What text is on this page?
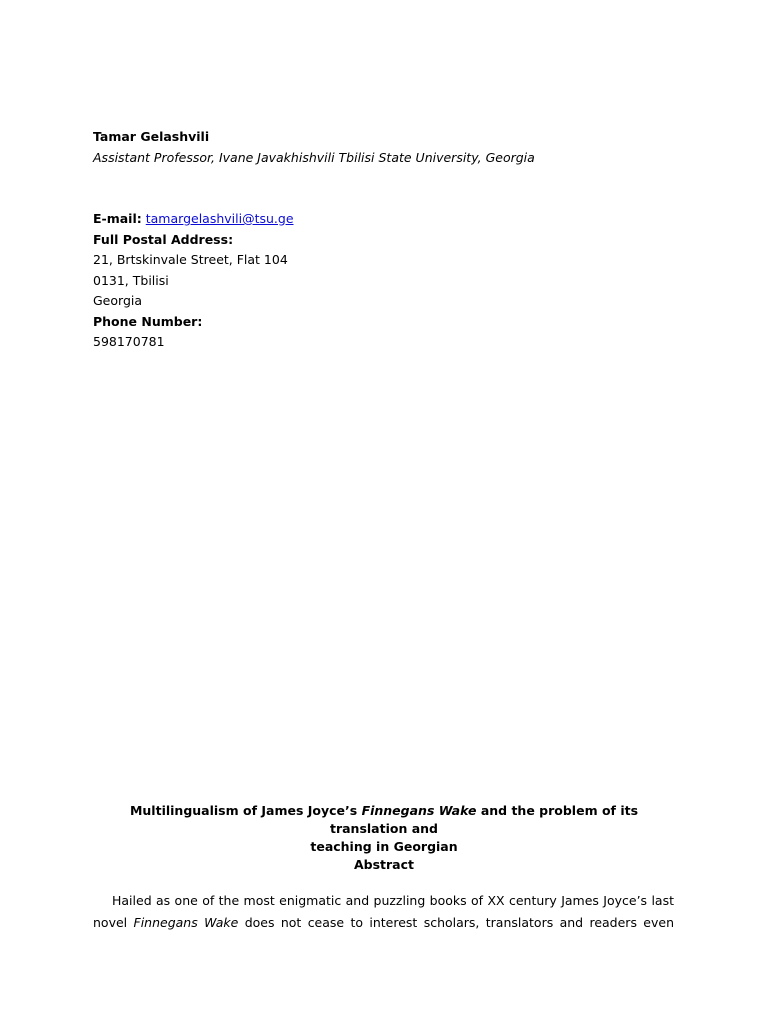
Tamar Gelashvili
Assistant Professor, Ivane Javakhishvili Tbilisi State University, Georgia
E-mail: tamargelashvili@tsu.ge
Full Postal Address:
21, Brtskinvale Street, Flat 104
0131, Tbilisi
Georgia
Phone Number:
598170781
Multilingualism of James Joyce’s Finnegans Wake and the problem of its translation and
teaching in Georgian
Abstract
Hailed as one of the most enigmatic and puzzling books of XX century James Joyce’s last
novel Finnegans Wake does not cease to interest scholars, translators and readers even
